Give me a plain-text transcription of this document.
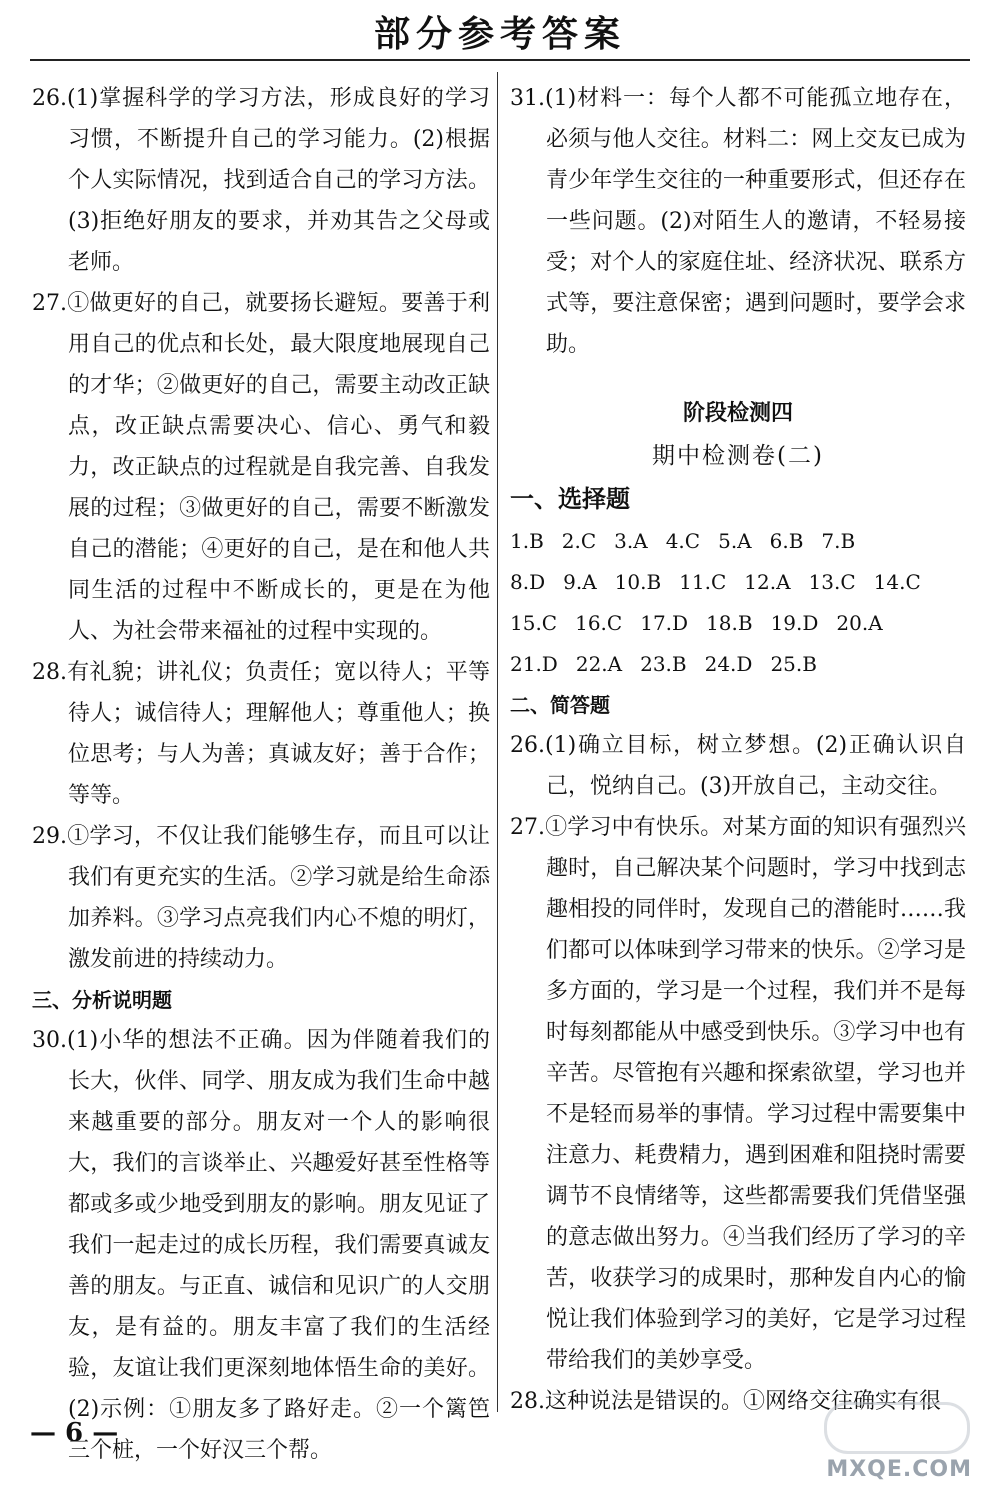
部分参考答案

26.(1)掌握科学的学习方法，形成良好的学习习惯，不断提升自己的学习能力。(2)根据个人实际情况，找到适合自己的学习方法。(3)拒绝好朋友的要求，并劝其告之父母或老师。

27.①做更好的自己，就要扬长避短。要善于利用自己的优点和长处，最大限度地展现自己的才华；②做更好的自己，需要主动改正缺点，改正缺点需要决心、信心、勇气和毅力，改正缺点的过程就是自我完善、自我发展的过程；③做更好的自己，需要不断激发自己的潜能；④更好的自己，是在和他人共同生活的过程中不断成长的，更是在为他人、为社会带来福祉的过程中实现的。

28.有礼貌；讲礼仪；负责任；宽以待人；平等待人；诚信待人；理解他人；尊重他人；换位思考；与人为善；真诚友好；善于合作；等等。

29.①学习，不仅让我们能够生存，而且可以让我们有更充实的生活。②学习就是给生命添加养料。③学习点亮我们内心不熄的明灯，激发前进的持续动力。

三、分析说明题

30.(1)小华的想法不正确。因为伴随着我们的长大，伙伴、同学、朋友成为我们生命中越来越重要的部分。朋友对一个人的影响很大，我们的言谈举止、兴趣爱好甚至性格等都或多或少地受到朋友的影响。朋友见证了我们一起走过的成长历程，我们需要真诚友善的朋友。与正直、诚信和见识广的人交朋友，是有益的。朋友丰富了我们的生活经验，友谊让我们更深刻地体悟生命的美好。(2)示例：①朋友多了路好走。②一个篱笆三个桩，一个好汉三个帮。

31.(1)材料一：每个人都不可能孤立地存在，必须与他人交往。材料二：网上交友已成为青少年学生交往的一种重要形式，但还存在一些问题。(2)对陌生人的邀请，不轻易接受；对个人的家庭住址、经济状况、联系方式等，要注意保密；遇到问题时，要学会求助。

阶段检测四

期中检测卷(二)

一、选择题

1.B 2.C 3.A 4.C 5.A 6.B 7.B

8.D 9.A 10.B 11.C 12.A 13.C 14.C

15.C 16.C 17.D 18.B 19.D 20.A

21.D 22.A 23.B 24.D 25.B

二、简答题

26.(1)确立目标，树立梦想。(2)正确认识自己，悦纳自己。(3)开放自己，主动交往。

27.①学习中有快乐。对某方面的知识有强烈兴趣时，自己解决某个问题时，学习中找到志趣相投的同伴时，发现自己的潜能时……我们都可以体味到学习带来的快乐。②学习是多方面的，学习是一个过程，我们并不是每时每刻都能从中感受到快乐。③学习中也有辛苦。尽管抱有兴趣和探索欲望，学习也并不是轻而易举的事情。学习过程中需要集中注意力、耗费精力，遇到困难和阻挠时需要调节不良情绪等，这些都需要我们凭借坚强的意志做出努力。④当我们经历了学习的辛苦，收获学习的成果时，那种发自内心的愉悦让我们体验到学习的美好，它是学习过程带给我们的美妙享受。

28.这种说法是错误的。①网络交往确实有很

— 6 —
MXQE.COM
